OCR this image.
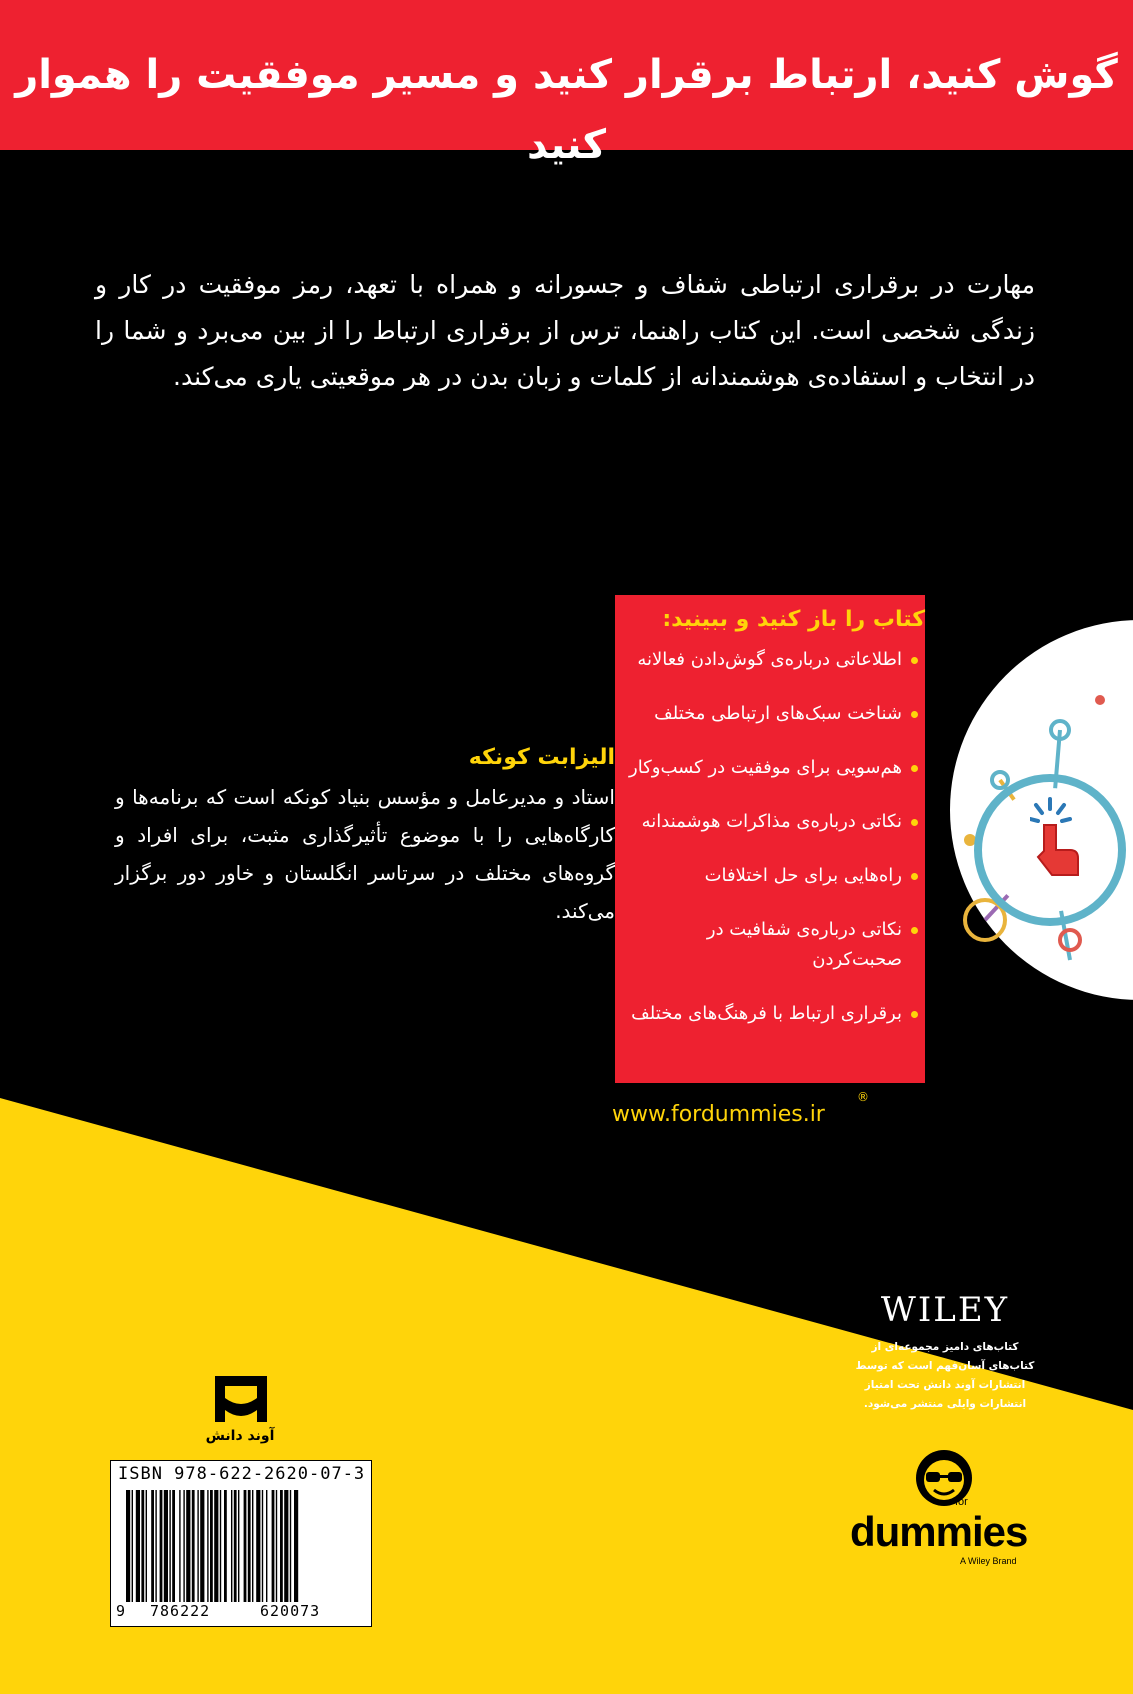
گوش کنید، ارتباط برقرار کنید و مسیر موفقیت را هموار کنید
مهارت در برقراری ارتباطی شفاف و جسورانه و همراه با تعهد، رمز موفقیت در کار و زندگی شخصی است. این کتاب راهنما، ترس از برقراری ارتباط را از بین می‌برد و شما را در انتخاب و استفاده‌ی هوشمندانه از کلمات و زبان بدن در هر موقعیتی یاری می‌کند.
کتاب را باز کنید و ببینید:
اطلاعاتی درباره‌ی گوش‌دادن فعالانه
شناخت سبک‌های ارتباطی مختلف
هم‌سویی برای موفقیت در کسب‌وکار
نکاتی درباره‌ی مذاکرات هوشمندانه
راه‌هایی برای حل اختلافات
نکاتی درباره‌ی شفافیت در صحبت‌کردن
برقراری ارتباط با فرهنگ‌های مختلف
الیزابت کونکه
استاد و مدیرعامل و مؤسس بنیاد کونکه است که برنامه‌ها و کارگاه‌هایی را با موضوع تأثیرگذاری مثبت، برای افراد و گروه‌های مختلف در سرتاسر انگلستان و خاور دور برگزار می‌کند.
www.fordummies.ir
®
WILEY
کتاب‌های دامیز مجموعه‌ای از کتاب‌های آسان‌فهم است که توسط انتشارات آوند دانش تحت امتیاز انتشارات وایلی منتشر می‌شود.
آوند دانش
ISBN 978-622-2620-07-3
9 786222	620073
for
dummies
A Wiley Brand
